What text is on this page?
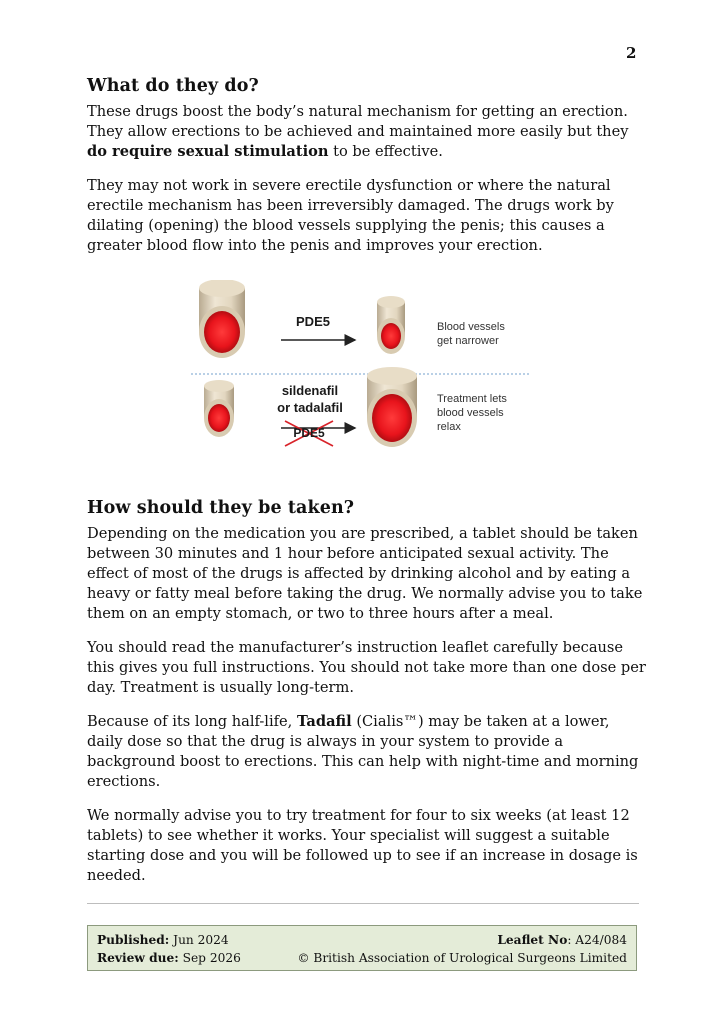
2
What do they do?

These drugs boost the body’s natural mechanism for getting an erection. They allow erections to be achieved and maintained more easily but they do require sexual stimulation to be effective.

They may not work in severe erectile dysfunction or where the natural erectile mechanism has been irreversibly damaged. The drugs work by dilating (opening) the blood vessels supplying the penis; this causes a greater blood flow into the penis and improves your erection.

PDE5	Blood vessels
get narrower
sildenafil
or tadalafil
PDE5
Treatment lets
blood vessels
relax
How should they be taken?

Depending on the medication you are prescribed, a tablet should be taken between 30 minutes and 1 hour before anticipated sexual activity. The effect of most of the drugs is affected by drinking alcohol and by eating a heavy or fatty meal before taking the drug. We normally advise you to take them on an empty stomach, or two to three hours after a meal.

You should read the manufacturer’s instruction leaflet carefully because this gives you full instructions. You should not take more than one dose per day. Treatment is usually long-term.

Because of its long half-life, Tadafil (Cialis™) may be taken at a lower, daily dose so that the drug is always in your system to provide a background boost to erections. This can help with night-time and morning erections.

We normally advise you to try treatment for four to six weeks (at least 12 tablets) to see whether it works. Your specialist will suggest a suitable starting dose and you will be followed up to see if an increase in dosage is needed.

Published: Jun 2024
Review due: Sep 2026
Leaflet No: A24/084
© British Association of Urological Surgeons Limited
